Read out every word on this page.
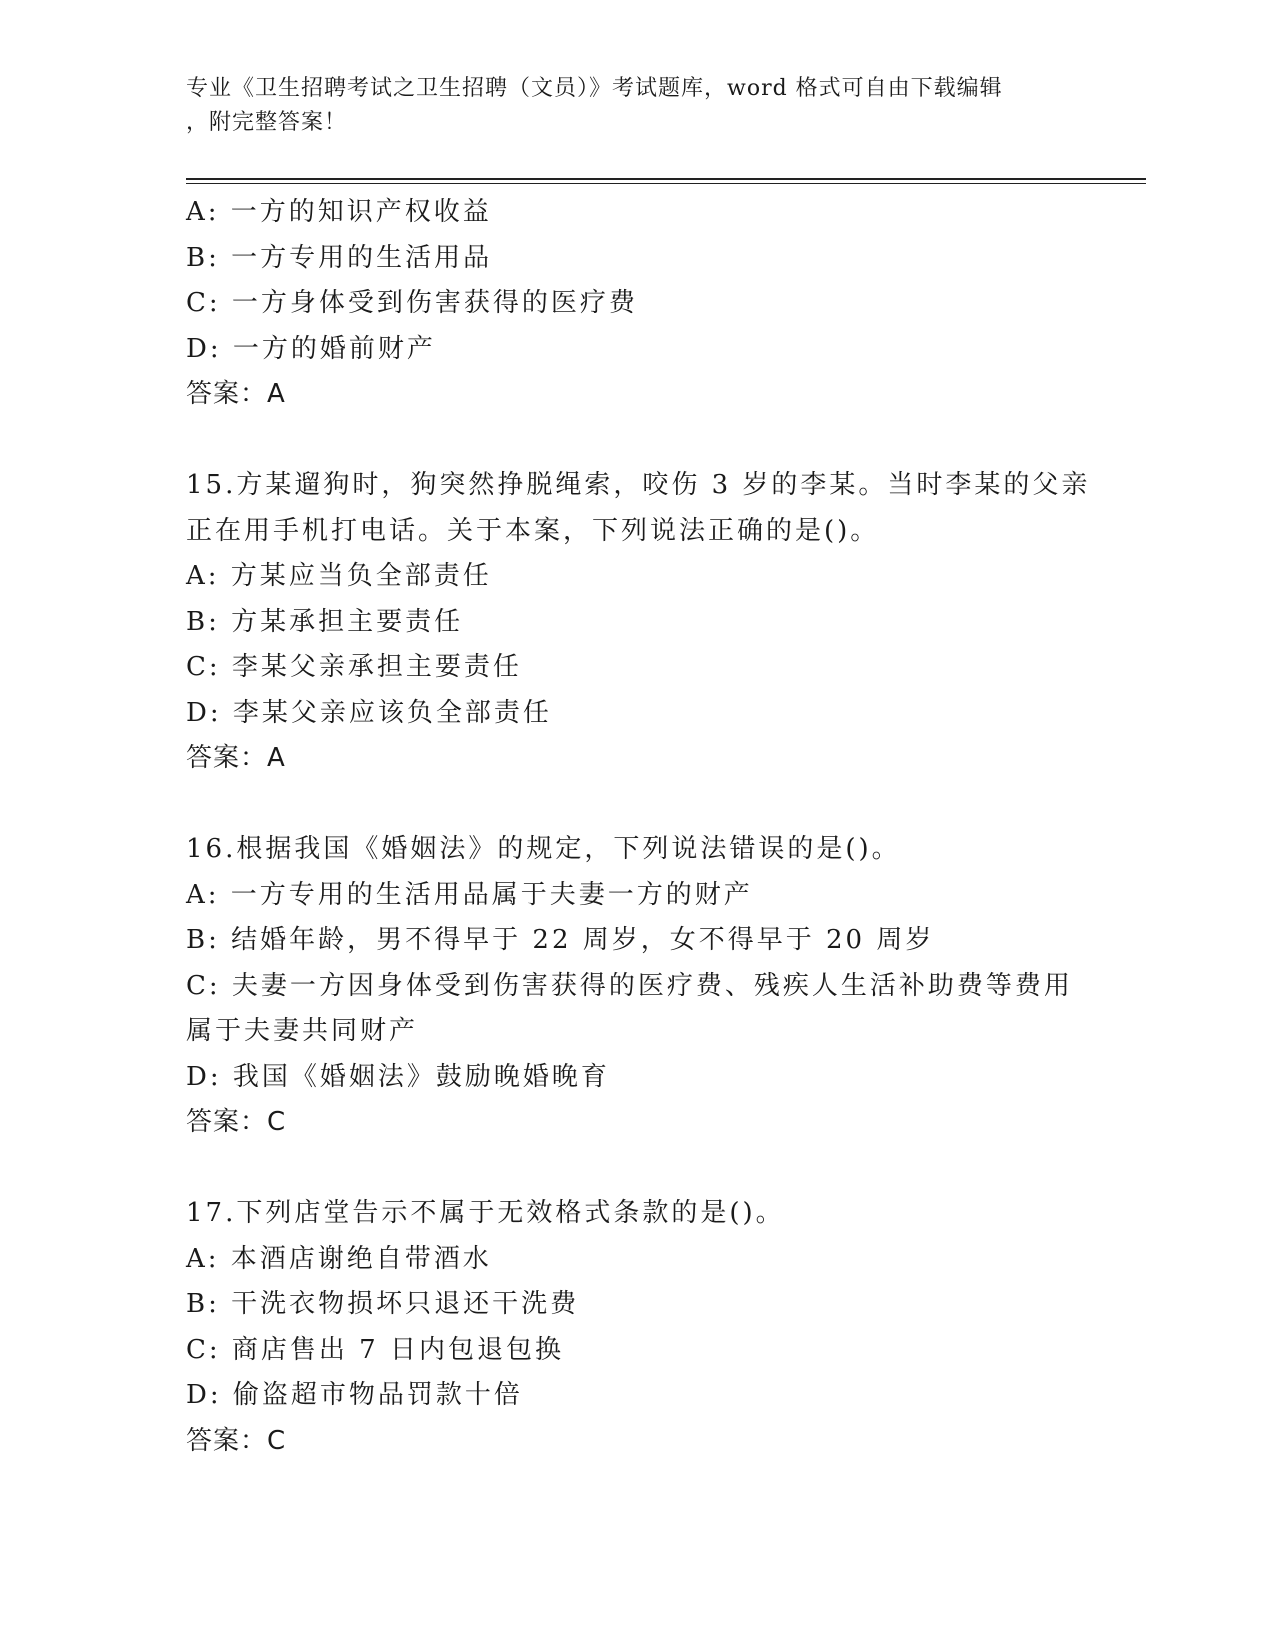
专业《卫生招聘考试之卫生招聘（文员）》考试题库，word 格式可自由下载编辑
，附完整答案！
A: 一方的知识产权收益
B: 一方专用的生活用品
C: 一方身体受到伤害获得的医疗费
D: 一方的婚前财产
答案：A
15.方某遛狗时，狗突然挣脱绳索，咬伤 3 岁的李某。当时李某的父亲
正在用手机打电话。关于本案，下列说法正确的是()。
A: 方某应当负全部责任
B: 方某承担主要责任
C: 李某父亲承担主要责任
D: 李某父亲应该负全部责任
答案：A
16.根据我国《婚姻法》的规定，下列说法错误的是()。
A: 一方专用的生活用品属于夫妻一方的财产
B: 结婚年龄，男不得早于 22 周岁，女不得早于 20 周岁
C: 夫妻一方因身体受到伤害获得的医疗费、残疾人生活补助费等费用
属于夫妻共同财产
D: 我国《婚姻法》鼓励晚婚晚育
答案：C
17.下列店堂告示不属于无效格式条款的是()。
A: 本酒店谢绝自带酒水
B: 干洗衣物损坏只退还干洗费
C: 商店售出 7 日内包退包换
D: 偷盗超市物品罚款十倍
答案：C
